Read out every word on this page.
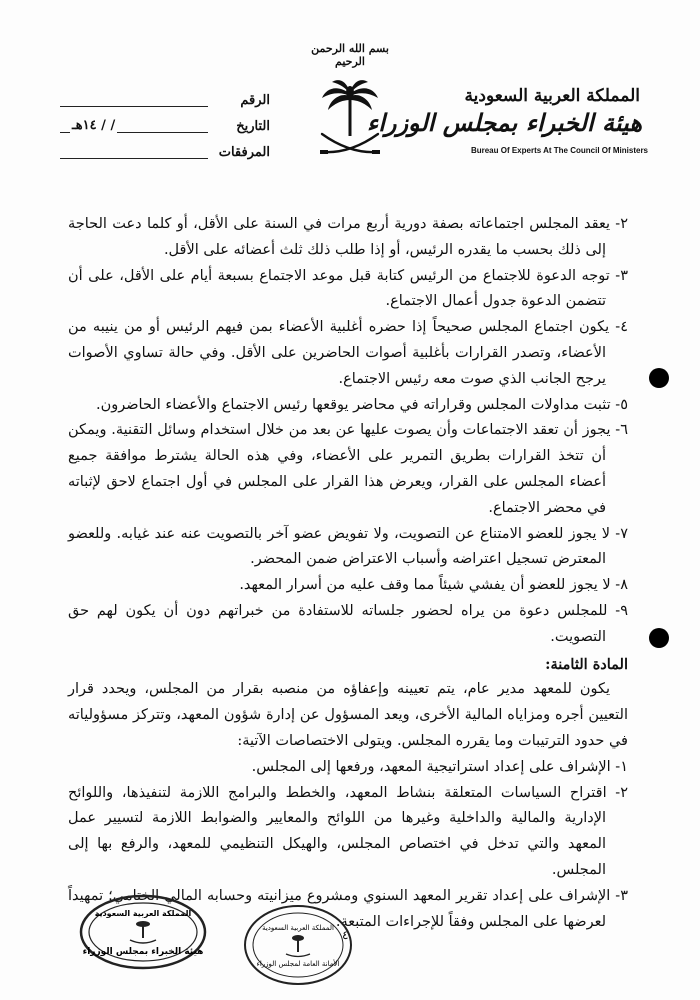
بسم الله الرحمن الرحيم
المملكة العربية السعودية
هيئة الخبراء بمجلس الوزراء
Bureau Of Experts At The Council Of Ministers
الرقم
التاريخ
/ / ١٤هـ
المرفقات

٢- يعقد المجلس اجتماعاته بصفة دورية أربع مرات في السنة على الأقل، أو كلما دعت الحاجة إلى ذلك بحسب ما يقدره الرئيس، أو إذا طلب ذلك ثلث أعضائه على الأقل.

٣- توجه الدعوة للاجتماع من الرئيس كتابة قبل موعد الاجتماع بسبعة أيام على الأقل، على أن تتضمن الدعوة جدول أعمال الاجتماع.

٤- يكون اجتماع المجلس صحيحاً إذا حضره أغلبية الأعضاء بمن فيهم الرئيس أو من ينيبه من الأعضاء، وتصدر القرارات بأغلبية أصوات الحاضرين على الأقل. وفي حالة تساوي الأصوات يرجح الجانب الذي صوت معه رئيس الاجتماع.

٥- تثبت مداولات المجلس وقراراته في محاضر يوقعها رئيس الاجتماع والأعضاء الحاضرون.

٦- يجوز أن تعقد الاجتماعات وأن يصوت عليها عن بعد من خلال استخدام وسائل التقنية. ويمكن أن تتخذ القرارات بطريق التمرير على الأعضاء، وفي هذه الحالة يشترط موافقة جميع أعضاء المجلس على القرار، ويعرض هذا القرار على المجلس في أول اجتماع لاحق لإثباته في محضر الاجتماع.

٧- لا يجوز للعضو الامتناع عن التصويت، ولا تفويض عضو آخر بالتصويت عنه عند غيابه. وللعضو المعترض تسجيل اعتراضه وأسباب الاعتراض ضمن المحضر.

٨- لا يجوز للعضو أن يفشي شيئاً مما وقف عليه من أسرار المعهد.

٩- للمجلس دعوة من يراه لحضور جلساته للاستفادة من خبراتهم دون أن يكون لهم حق التصويت.

المادة الثامنة:

يكون للمعهد مدير عام، يتم تعيينه وإعفاؤه من منصبه بقرار من المجلس، ويحدد قرار التعيين أجره ومزاياه المالية الأخرى، ويعد المسؤول عن إدارة شؤون المعهد، وتتركز مسؤولياته في حدود الترتيبات وما يقرره المجلس. ويتولى الاختصاصات الآتية:

١- الإشراف على إعداد استراتيجية المعهد، ورفعها إلى المجلس.

٢- اقتراح السياسات المتعلقة بنشاط المعهد، والخطط والبرامج اللازمة لتنفيذها، واللوائح الإدارية والمالية والداخلية وغيرها من اللوائح والمعايير والضوابط اللازمة لتسيير عمل المعهد والتي تدخل في اختصاص المجلس، والهيكل التنظيمي للمعهد، والرفع بها إلى المجلس.

٣- الإشراف على إعداد تقرير المعهد السنوي ومشروع ميزانيته وحسابه المالي الختامي؛ تمهيداً لعرضها على المجلس وفقاً للإجراءات المتبعة.

٤
المملكة العربية السعودية
هيئة الخبراء بمجلس الوزراء
المملكة العربية السعودية
الأمانة العامة لمجلس الوزراء
